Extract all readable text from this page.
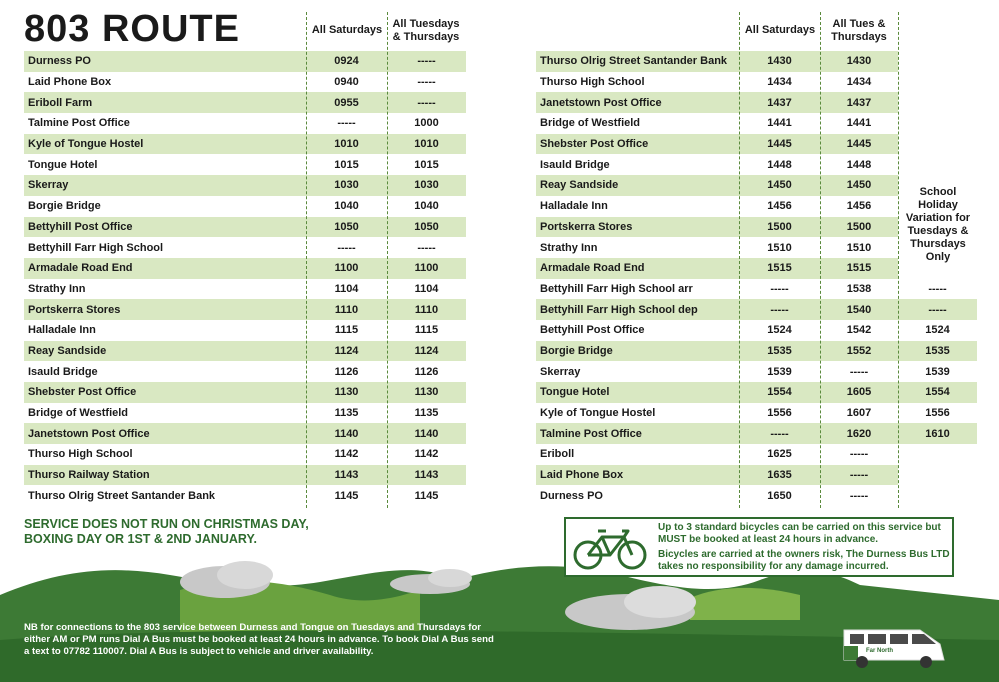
803 ROUTE	All Saturdays All Tuesdays & Thursdays
All Saturdays	All Tues & Thursdays
School Holiday Variation for Tuesdays & Thursdays Only
Durness PO	0924	-----
Laid Phone Box	0940	-----
Eriboll Farm	0955	-----
Talmine Post Office	-----	1000
Kyle of Tongue Hostel	1010	1010
Tongue Hotel	1015	1015
Skerray	1030	1030
Borgie Bridge	1040	1040
Bettyhill Post Office	1050	1050
Bettyhill Farr High School	-----	-----
Armadale Road End	1100	1100
Strathy Inn	1104	1104
Portskerra Stores	1110	1110
Halladale Inn	1115	1115
Reay Sandside	1124	1124
Isauld Bridge	1126	1126
Shebster Post Office	1130	1130
Bridge of Westfield	1135	1135
Janetstown Post Office	1140	1140
Thurso High School	1142	1142
Thurso Railway Station	1143	1143
Thurso Olrig Street Santander Bank	1145	1145
Thurso Olrig Street Santander Bank	1430	1430
Thurso High School	1434	1434
Janetstown Post Office	1437	1437
Bridge of Westfield	1441	1441
Shebster Post Office	1445	1445
Isauld Bridge	1448	1448
Reay Sandside	1450	1450
Halladale Inn	1456	1456
Portskerra Stores	1500	1500
Strathy Inn	1510	1510
Armadale Road End	1515	1515
Bettyhill Farr High School arr	-----	1538	-----
Bettyhill Farr High School dep	-----	1540	-----
Bettyhill Post Office	1524	1542	1524
Borgie Bridge	1535	1552	1535
Skerray	1539	-----	1539
Tongue Hotel	1554	1605	1554
Kyle of Tongue Hostel	1556	1607	1556
Talmine Post Office	-----	1620	1610
Eriboll	1625	-----
Laid Phone Box	1635	-----
Durness PO	1650	-----
SERVICE DOES NOT RUN ON CHRISTMAS DAY,
BOXING DAY OR 1ST & 2ND JANUARY.
Up to 3 standard bicycles can be carried on this service but MUST be booked at least 24 hours in advance.
Bicycles are carried at the owners risk, The Durness Bus LTD takes no responsibility for any damage incurred.
NB for connections to the 803 service between Durness and Tongue on Tuesdays and Thursdays for either AM or PM runs Dial A Bus must be booked at least 24 hours in advance. To book Dial A Bus send a text to 07782 110007. Dial A Bus is subject to vehicle and driver availability.	Far North
